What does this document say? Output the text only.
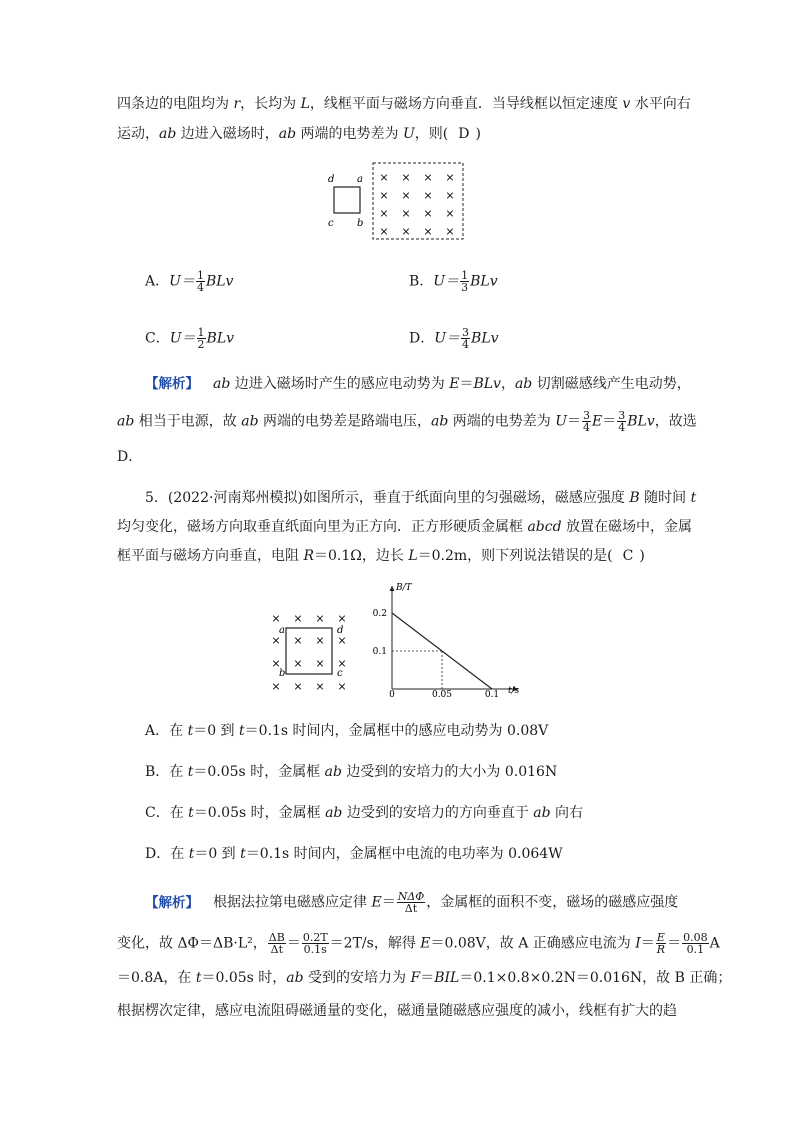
四条边的电阻均为 r，长均为 L，线框平面与磁场方向垂直．当导线框以恒定速度 v 水平向右
运动，ab 边进入磁场时，ab 两端的电势差为 U，则( D )
d a
c b
× × × ×
× × × ×
× × × ×
× × × ×
A．$U= \frac{1}{4}$ BLv	B．$U= \frac{1}{3}$ BLv
C．$U= \frac{1}{2}$ BLv	D．$U= \frac{3}{4}$ BLv
【解析】 ab 边进入磁场时产生的感应电动势为 E＝BLv，ab 切割磁感线产生电动势，
ab 相当于电源，故 ab 两端的电势差是路端电压，ab 两端的电势差为 $U= \frac{3}{4} E= \frac{3}{4}$ BLv，故选
D．
5．(2022·河南郑州模拟)如图所示，垂直于纸面向里的匀强磁场，磁感应强度 B 随时间 t
均匀变化，磁场方向取垂直纸面向里为正方向．正方形硬质金属框 abcd 放置在磁场中，金属
框平面与磁场方向垂直，电阻 R＝0.1Ω，边长 L＝0.2m，则下列说法错误的是( C )
a	d
b	c
× × × ×
× × × ×
×	×
×	×
×
×
×
×
B/T
t/s
0	0.05	0.1
0.1
0.2
A．在 t＝0 到 t＝0.1s 时间内，金属框中的感应电动势为 0.08V
B．在 t＝0.05s 时，金属框 ab 边受到的安培力的大小为 0.016N
C．在 t＝0.05s 时，金属框 ab 边受到的安培力的方向垂直于 ab 向右
D．在 t＝0 到 t＝0.1s 时间内，金属框中电流的电功率为 0.064W
【解析】 根据法拉第电磁感应定律 $E= \frac{\text{NΔΦ}}{\Delta t}$ ，金属框的面积不变，磁场的磁感应强度
变化，故 ΔΦ＝ΔB·L²， $\frac{\Delta B}{\Delta t} = \frac{0.2T}{0.1s} =2T/s$，解得 E＝0.08V，故 A 正确感应电流为 $I= \frac{E}{R} = \frac{0.08}{0.1}$ A
＝0.8A，在 t＝0.05s 时，ab 受到的安培力为 F＝BIL＝0.1×0.8×0.2N＝0.016N，故 B 正确；
根据楞次定律，感应电流阻碍磁通量的变化，磁通量随磁感应强度的减小，线框有扩大的趋
